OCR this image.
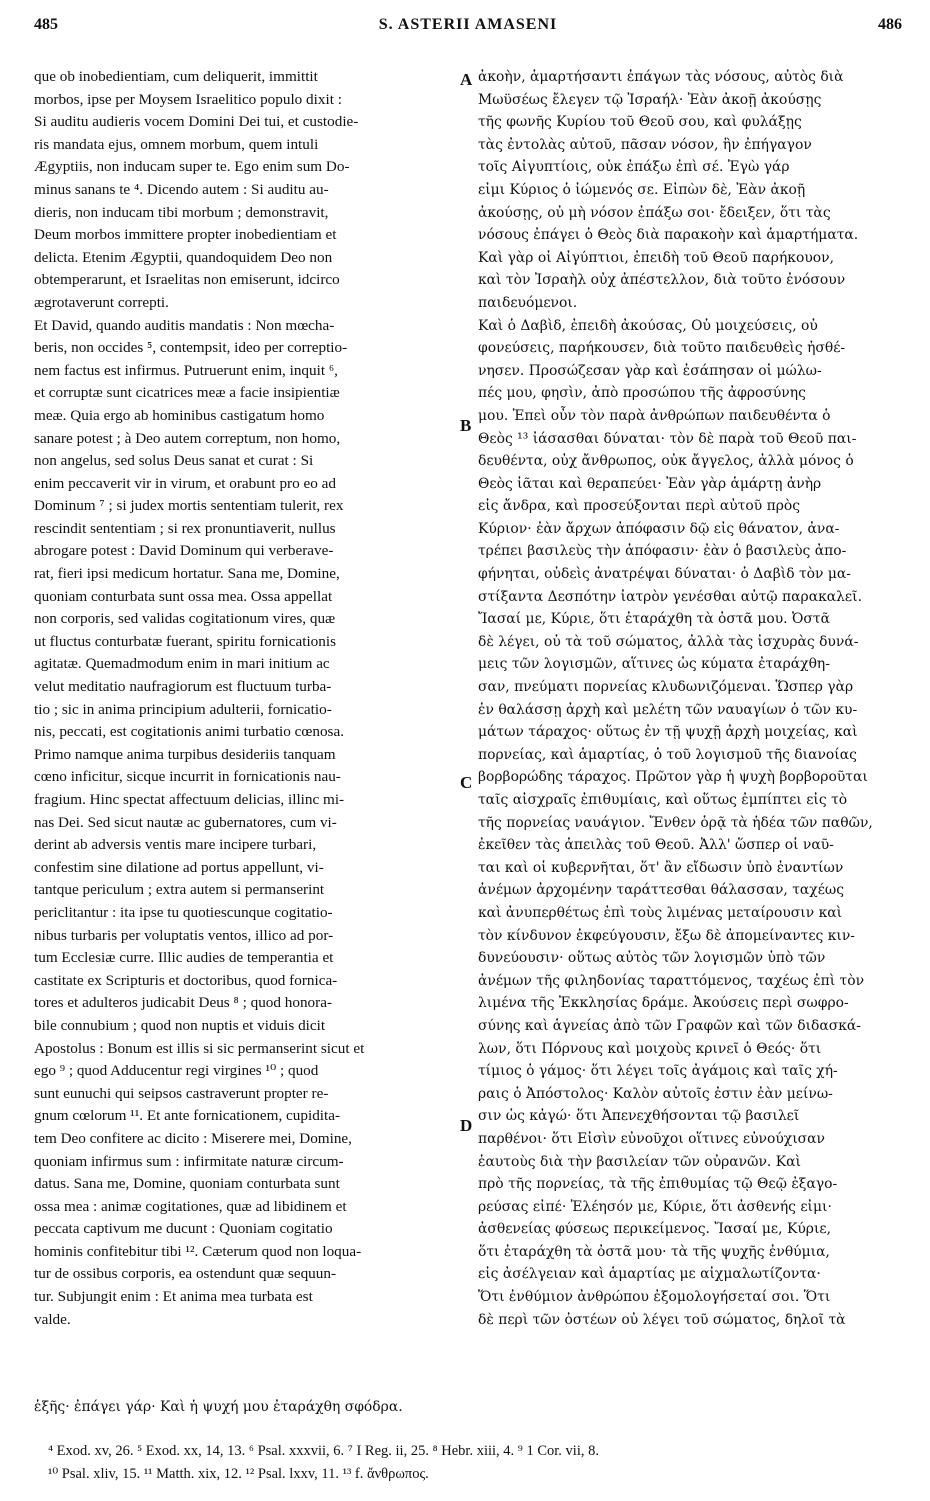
485	S. ASTERII AMASENI	486
que ob inobedientiam, cum deliquerit, immittit
morbos, ipse per Moysem Israelitico populo dixit :
Si auditu audieris vocem Domini Dei tui, et custodie-
ris mandata ejus, omnem morbum, quem intuli
Ægyptiis, non inducam super te. Ego enim sum Do-
minus sanans te ⁴. Dicendo autem : Si auditu au-
dieris, non inducam tibi morbum ; demonstravit,
Deum morbos immittere propter inobedientiam et
delicta. Etenim Ægyptii, quandoquidem Deo non
obtemperarunt, et Israelitas non emiserunt, idcirco
ægrotaverunt correpti.
Et David, quando auditis mandatis : Non mœcha-
beris, non occides ⁵, contempsit, ideo per correptio-
nem factus est infirmus. Putruerunt enim, inquit ⁶,
et corruptæ sunt cicatrices meæ a facie insipientiæ
meæ. Quia ergo ab hominibus castigatum homo
sanare potest ; à Deo autem correptum, non homo,
non angelus, sed solus Deus sanat et curat : Si
enim peccaverit vir in virum, et orabunt pro eo ad
Dominum ⁷ ; si judex mortis sententiam tulerit, rex
rescindit sententiam ; si rex pronuntiaverit, nullus
abrogare potest : David Dominum qui verberave-
rat, fieri ipsi medicum hortatur. Sana me, Domine,
quoniam conturbata sunt ossa mea. Ossa appellat
non corporis, sed validas cogitationum vires, quæ
ut fluctus conturbatæ fuerant, spiritu fornicationis
agitatæ. Quemadmodum enim in mari initium ac
velut meditatio naufragiorum est fluctuum turba-
tio ; sic in anima principium adulterii, fornicatio-
nis, peccati, est cogitationis animi turbatio cœnosa.
Primo namque anima turpibus desideriis tanquam
cœno inficitur, sicque incurrit in fornicationis nau-
fragium. Hinc spectat affectuum delicias, illinc mi-
nas Dei. Sed sicut nautæ ac gubernatores, cum vi-
derint ab adversis ventis mare incipere turbari,
confestim sine dilatione ad portus appellunt, vi-
tantque periculum ; extra autem si permanserint
periclitantur : ita ipse tu quotiescunque cogitatio-
nibus turbaris per voluptatis ventos, illico ad por-
tum Ecclesiæ curre. Illic audies de temperantia et
castitate ex Scripturis et doctoribus, quod fornica-
tores et adulteros judicabit Deus ⁸ ; quod honora-
bile connubium ; quod non nuptis et viduis dicit
Apostolus : Bonum est illis si sic permanserint sicut et
ego ⁹ ; quod Adducentur regi virgines ¹⁰ ; quod
sunt eunuchi qui seipsos castraverunt propter re-
gnum cœlorum ¹¹. Et ante fornicationem, cupidita-
tem Deo confitere ac dicito : Miserere mei, Domine,
quoniam infirmus sum : infirmitate naturæ circum-
datus. Sana me, Domine, quoniam conturbata sunt
ossa mea : animæ cogitationes, quæ ad libidinem et
peccata captivum me ducunt : Quoniam cogitatio
hominis confitebitur tibi ¹². Cæterum quod non loqua-
tur de ossibus corporis, ea ostendunt quæ sequun-
tur. Subjungit enim : Et anima mea turbata est
valde.
ἀκοὴν, ἁμαρτήσαντι ἐπάγων τὰς νόσους, αὐτὸς διὰ
Μωϋσέως ἔλεγεν τῷ Ἰσραήλ· Ἐὰν ἀκοῇ ἀκούσῃς
τῆς φωνῆς Κυρίου τοῦ Θεοῦ σου, καὶ φυλάξῃς
τὰς ἐντολὰς αὐτοῦ, πᾶσαν νόσον, ἣν ἐπήγαγον
τοῖς Αἰγυπτίοις, οὐκ ἐπάξω ἐπὶ σέ. Ἐγὼ γάρ
εἰμι Κύριος ὁ ἰώμενός σε. Εἰπὼν δὲ, Ἐὰν ἀκοῇ
ἀκούσῃς, οὐ μὴ νόσον ἐπάξω σοι· ἔδειξεν, ὅτι τὰς
νόσους ἐπάγει ὁ Θεὸς διὰ παρακοὴν καὶ ἁμαρτήματα.
Καὶ γὰρ οἱ Αἰγύπτιοι, ἐπειδὴ τοῦ Θεοῦ παρήκουον,
καὶ τὸν Ἰσραὴλ οὐχ ἀπέστελλον, διὰ τοῦτο ἐνόσουν
παιδευόμενοι.
Καὶ ὁ Δαβὶδ, ἐπειδὴ ἀκούσας, Οὐ μοιχεύσεις, οὐ
φονεύσεις, παρήκουσεν, διὰ τοῦτο παιδευθεὶς ἠσθέ-
νησεν. Προσώζεσαν γὰρ καὶ ἐσάπησαν οἱ μώλω-
πές μου, φησὶν, ἀπὸ προσώπου τῆς ἀφροσύνης
μου. Ἐπεὶ οὖν τὸν παρὰ ἀνθρώπων παιδευθέντα ὁ
Θεὸς ¹³ ἰάσασθαι δύναται· τὸν δὲ παρὰ τοῦ Θεοῦ παι-
δευθέντα, οὐχ ἄνθρωπος, οὐκ ἄγγελος, ἀλλὰ μόνος ὁ
Θεὸς ἰᾶται καὶ θεραπεύει· Ἐὰν γὰρ ἁμάρτῃ ἀνὴρ
εἰς ἄνδρα, καὶ προσεύξονται περὶ αὐτοῦ πρὸς
Κύριον· ἐὰν ἄρχων ἀπόφασιν δῷ εἰς θάνατον, ἀνα-
τρέπει βασιλεὺς τὴν ἀπόφασιν· ἐὰν ὁ βασιλεὺς ἀπο-
φήνηται, οὐδεὶς ἀνατρέψαι δύναται· ὁ Δαβὶδ τὸν μα-
στίξαντα Δεσπότην ἰατρὸν γενέσθαι αὐτῷ παρακαλεῖ.
Ἴασαί με, Κύριε, ὅτι ἐταράχθη τὰ ὀστᾶ μου. Ὀστᾶ
δὲ λέγει, οὐ τὰ τοῦ σώματος, ἀλλὰ τὰς ἰσχυρὰς δυνά-
μεις τῶν λογισμῶν, αἵτινες ὡς κύματα ἐταράχθη-
σαν, πνεύματι πορνείας κλυδωνιζόμεναι. Ὥσπερ γὰρ
ἐν θαλάσσῃ ἀρχὴ καὶ μελέτη τῶν ναυαγίων ὁ τῶν κυ-
μάτων τάραχος· οὕτως ἐν τῇ ψυχῇ ἀρχὴ μοιχείας, καὶ
πορνείας, καὶ ἁμαρτίας, ὁ τοῦ λογισμοῦ τῆς διανοίας
βορβορώδης τάραχος. Πρῶτον γὰρ ἡ ψυχὴ βορβοροῦται
ταῖς αἰσχραῖς ἐπιθυμίαις, καὶ οὕτως ἐμπίπτει εἰς τὸ
τῆς πορνείας ναυάγιον. Ἔνθεν ὁρᾷ τὰ ἡδέα τῶν παθῶν,
ἐκεῖθεν τὰς ἀπειλὰς τοῦ Θεοῦ. Ἀλλ' ὥσπερ οἱ ναῦ-
ται καὶ οἱ κυβερνῆται, ὅτ' ἂν εἴδωσιν ὑπὸ ἐναντίων
ἀνέμων ἀρχομένην ταράττεσθαι θάλασσαν, ταχέως
καὶ ἀνυπερθέτως ἐπὶ τοὺς λιμένας μεταίρουσιν καὶ
τὸν κίνδυνον ἐκφεύγουσιν, ἔξω δὲ ἀπομείναντες κιν-
δυνεύουσιν· οὕτως αὐτὸς τῶν λογισμῶν ὑπὸ τῶν
ἀνέμων τῆς φιληδονίας ταραττόμενος, ταχέως ἐπὶ τὸν
λιμένα τῆς Ἐκκλησίας δράμε. Ἀκούσεις περὶ σωφρο-
σύνης καὶ ἁγνείας ἀπὸ τῶν Γραφῶν καὶ τῶν διδασκά-
λων, ὅτι Πόρνους καὶ μοιχοὺς κρινεῖ ὁ Θεός· ὅτι
τίμιος ὁ γάμος· ὅτι λέγει τοῖς ἀγάμοις καὶ ταῖς χή-
ραις ὁ Ἀπόστολος· Καλὸν αὐτοῖς ἐστιν ἐὰν μείνω-
σιν ὡς κἀγώ· ὅτι Ἀπενεχθήσονται τῷ βασιλεῖ
παρθένοι· ὅτι Εἰσὶν εὐνοῦχοι οἵτινες εὐνούχισαν
ἑαυτοὺς διὰ τὴν βασιλείαν τῶν οὐρανῶν. Καὶ
πρὸ τῆς πορνείας, τὰ τῆς ἐπιθυμίας τῷ Θεῷ ἐξαγο-
ρεύσας εἰπέ· Ἐλέησόν με, Κύριε, ὅτι ἀσθενής εἰμι·
ἀσθενείας φύσεως περικείμενος. Ἴασαί με, Κύριε,
ὅτι ἐταράχθη τὰ ὀστᾶ μου· τὰ τῆς ψυχῆς ἐνθύμια,
εἰς ἀσέλγειαν καὶ ἁμαρτίας με αἰχμαλωτίζοντα·
Ὅτι ἐνθύμιον ἀνθρώπου ἐξομολογήσεταί σοι. Ὅτι
δὲ περὶ τῶν ὀστέων οὐ λέγει τοῦ σώματος, δηλοῖ τὰ
A
B
C
D
ἑξῆς· ἐπάγει γάρ· Καὶ ἡ ψυχή μου ἐταράχθη σφόδρα.
⁴ Exod. xv, 26. ⁵ Exod. xx, 14, 13. ⁶ Psal. xxxvii, 6. ⁷ I Reg. ii, 25. ⁸ Hebr. xiii, 4. ⁹ 1 Cor. vii, 8.
¹⁰ Psal. xliv, 15. ¹¹ Matth. xix, 12. ¹² Psal. lxxv, 11. ¹³ f. ἄνθρωπος.
